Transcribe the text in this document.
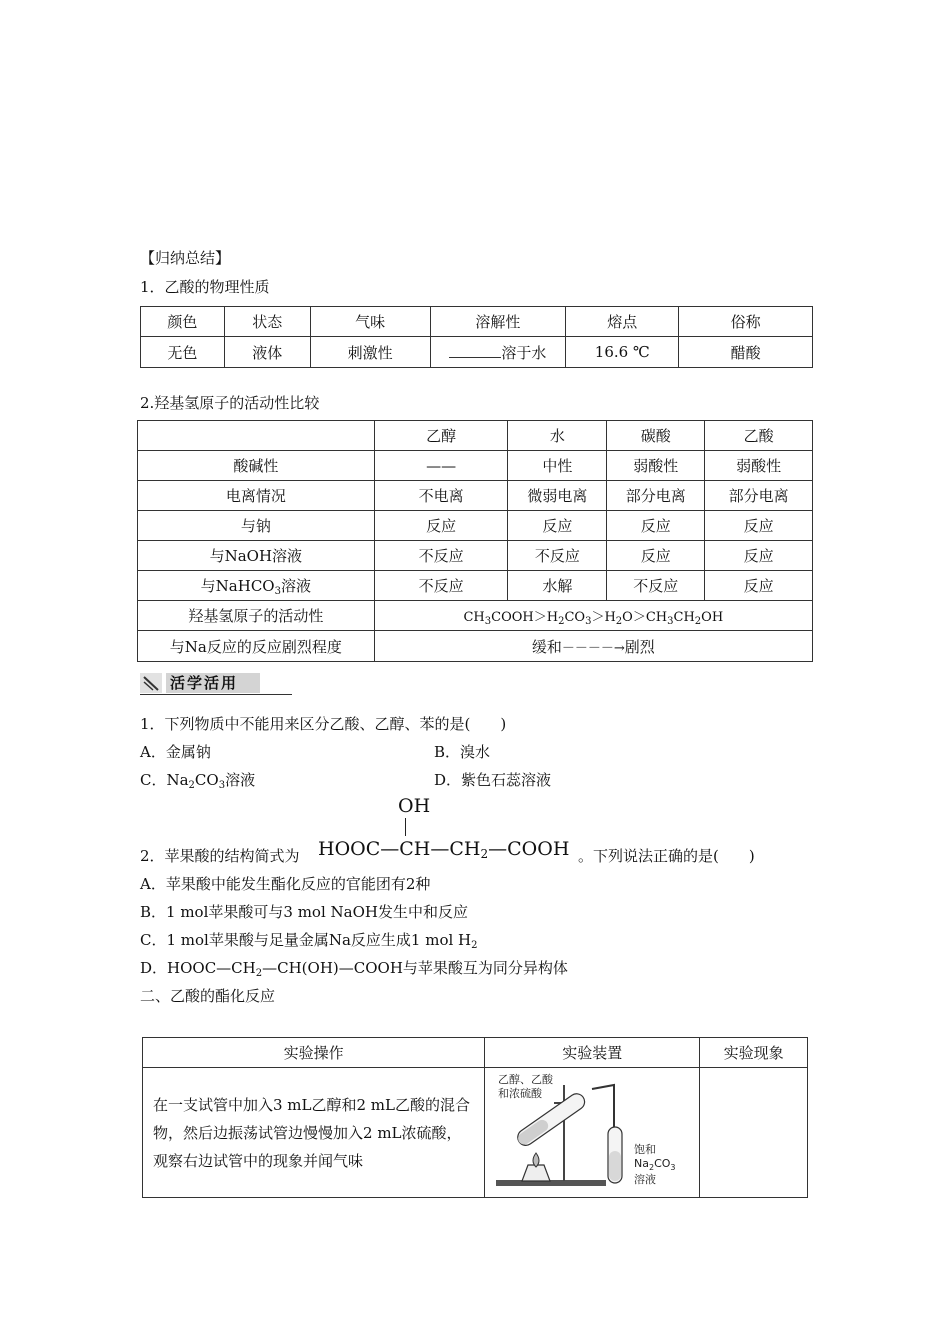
【归纳总结】
1．乙酸的物理性质
颜色	状态	气味	溶解性	熔点	俗称
无色	液体	刺激性	溶于水	16.6 ℃	醋酸
2.羟基氢原子的活动性比较
	乙醇	水	碳酸	乙酸
酸碱性	——	中性	弱酸性	弱酸性
电离情况	不电离	微弱电离	部分电离	部分电离
与钠	反应	反应	反应	反应
与NaOH溶液	不反应	不反应	反应	反应
与NaHCO$_3$溶液	不反应	水解	不反应	反应
羟基氢原子的活动性	$CH_3COOH>H_2CO_3>H_2O>CH_3CH_2OH$			
与Na反应的反应剧烈程度	缓和－－－－→剧烈			
活学活用
1．下列物质中不能用来区分乙酸、乙醇、苯的是(　　)
A．金属钠	B．溴水
C．$Na_2CO_3$溶液	D．紫色石蕊溶液
2．苹果酸的结构简式为
OH
HOOC—CH—CH2—COOH 。下列说法正确的是(　　)
A．苹果酸中能发生酯化反应的官能团有2种
B．1 mol苹果酸可与3 mol NaOH发生中和反应
C．1 mol苹果酸与足量金属Na反应生成1 mol $H_2$
D．$HOOC—CH_2—CH(OH)—COOH$与苹果酸互为同分异构体
二、乙酸的酯化反应
实验操作	实验装置	实验现象
在一支试管中加入3 mL乙醇和2 mL乙酸的混合物，然后边振荡试管边慢慢加入2 mL浓硫酸，观察右边试管中的现象并闻气味	乙醇、乙酸
和浓硫酸
饱和
$Na_2CO_3$
溶液	
